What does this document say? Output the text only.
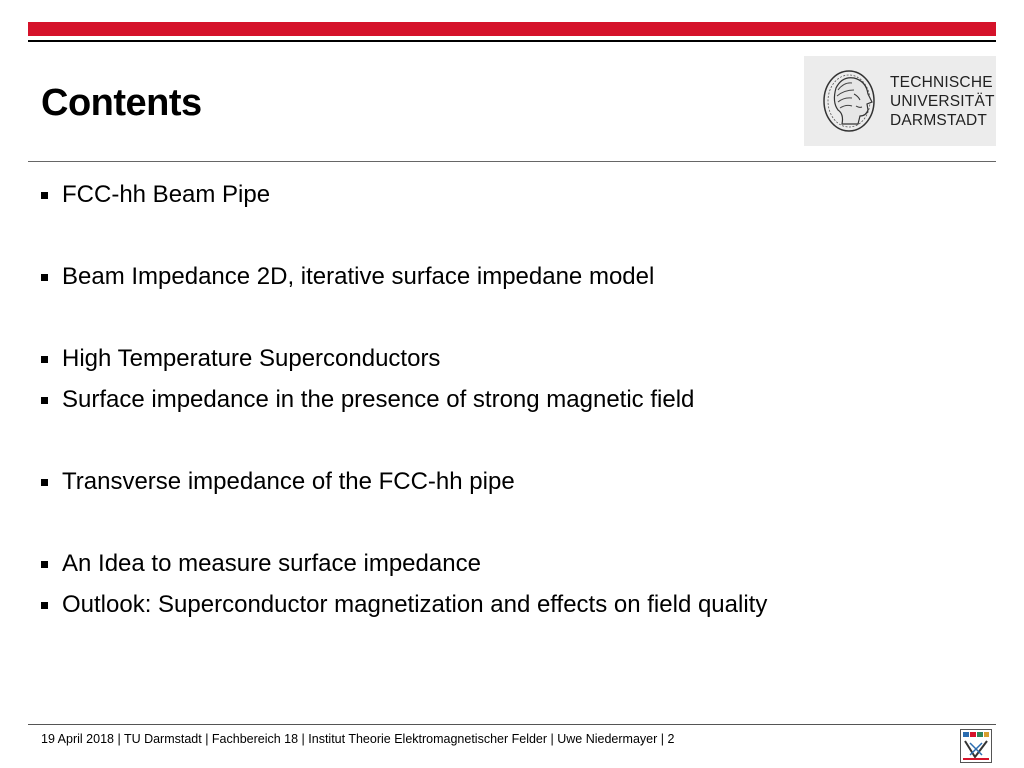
Contents	TECHNISCHE
UNIVERSITÄT
DARMSTADT
FCC-hh Beam Pipe
Beam Impedance 2D, iterative surface impedane model
High Temperature Superconductors
Surface impedance in the presence of strong magnetic field
Transverse impedance of the FCC-hh pipe
An Idea to measure surface impedance
Outlook: Superconductor magnetization and effects on field quality
19 April 2018 | TU Darmstadt | Fachbereich 18 | Institut Theorie Elektromagnetischer Felder | Uwe Niedermayer | 2
